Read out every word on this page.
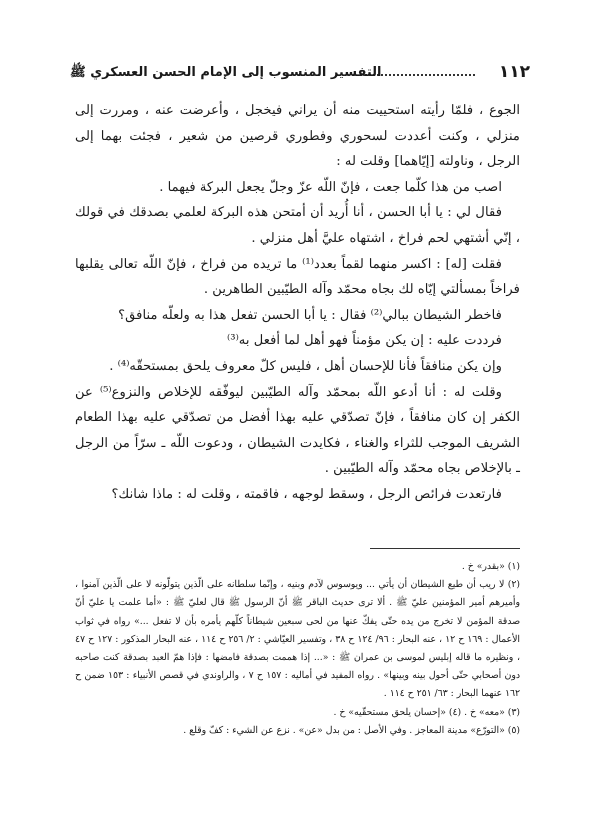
١١٢
التفسير المنسوب إلى الإمام الحسن العسكري ﷺ

الجوع ، فلمّا رأيته استحييت منه أن يراني فيخجل ، وأعرضت عنه ، ومررت إلى منزلي ، وكنت أعددت لسحوري وفطوري قرصين من شعير ، فجئت بهما إلى الرجل ، وناولته [إيّاهما] وقلت له :

اصب من هذا كلّما جعت ، فإنّ اللّه عزّ وجلّ يجعل البركة فيهما .

فقال لي : يا أبا الحسن ، أنا أُريد أن أمتحن هذه البركة لعلمي بصدقك في قولك ، إنّي أشتهي لحم فراخ ، اشتهاه عليَّ أهل منزلي .

فقلت [له] : اكسر منهما لقماً بعدد⁽¹⁾ ما تريده من فراخ ، فإنّ اللّه تعالى يقلبها فراخاً بمسألتي إيّاه لك بجاه محمّد وآله الطيّبين الطاهرين .

فاخطر الشيطان ببالي⁽²⁾ فقال : يا أبا الحسن تفعل هذا به ولعلّه منافق؟

فرددت عليه : إن يكن مؤمناً فهو أهل لما أفعل به⁽³⁾

وإن يكن منافقاً فأنا للإحسان أهل ، فليس كلّ معروف يلحق بمستحقّه⁽⁴⁾ .

وقلت له : أنا أدعو اللّه بمحمّد وآله الطيّبين ليوفّقه للإخلاص والنزوع⁽⁵⁾ عن الكفر إن كان منافقاً ، فإنّ تصدّقي عليه بهذا أفضل من تصدّقي عليه بهذا الطعام الشريف الموجب للثراء والغناء ، فكايدت الشيطان ، ودعوت اللّه ـ سرّاً من الرجل ـ بالإخلاص بجاه محمّد وآله الطيّبين .

فارتعدت فرائص الرجل ، وسقط لوجهه ، فاقمته ، وقلت له : ماذا شانك؟

(١) «بقدر» خ .

(٢) لا ريب أن طيع الشيطان أن يأتي ... ويوسوس لآدم وبنيه ، وإنّما سلطانه على الّذين يتولّونه لا على الّذين آمنوا ، وأميرهم أمير المؤمنين عليّ ﷺ . ألا ترى حديث الباقر ﷺ أنّ الرسول ﷺ قال لعليّ ﷺ : «أما علمت يا عليّ أنّ صدقة المؤمن لا تخرج من يده حتّى يفكّ عنها من لحى سبعين شيطاناً كلّهم يأمره بأن لا تفعل ...» رواه في ثواب الأعمال : ١٦٩ ح ١٢ ، عنه البحار : ٩٦/ ١٢٤ ح ٣٨ ، وتفسير العيّاشي : ٢/ ٢٥٦ ح ١١٤ ، عنه البحار المذكور : ١٢٧ ح ٤٧ ، ونظيره ما قاله إبليس لموسى بن عمران ﷺ : «... إذا هممت بصدقة فامضها : فإذا همّ العبد بصدقة كنت صاحبه دون أصحابي حتّى أحول بينه وبينها» . رواه المفيد في أماليه : ١٥٧ ح ٧ ، والراوندي في قصص الأنبياء : ١٥٣ ضمن ح ١٦٢ عنهما البحار : ٦٣/ ٢٥١ ح ١١٤ .

(٣) «معه» خ . (٤) «إحسان يلحق مستحقّيه» خ .

(٥) «التورّع» مدينة المعاجز . وفي الأصل : من بدل «عن» . نزع عن الشيء : كفّ وقلع .
